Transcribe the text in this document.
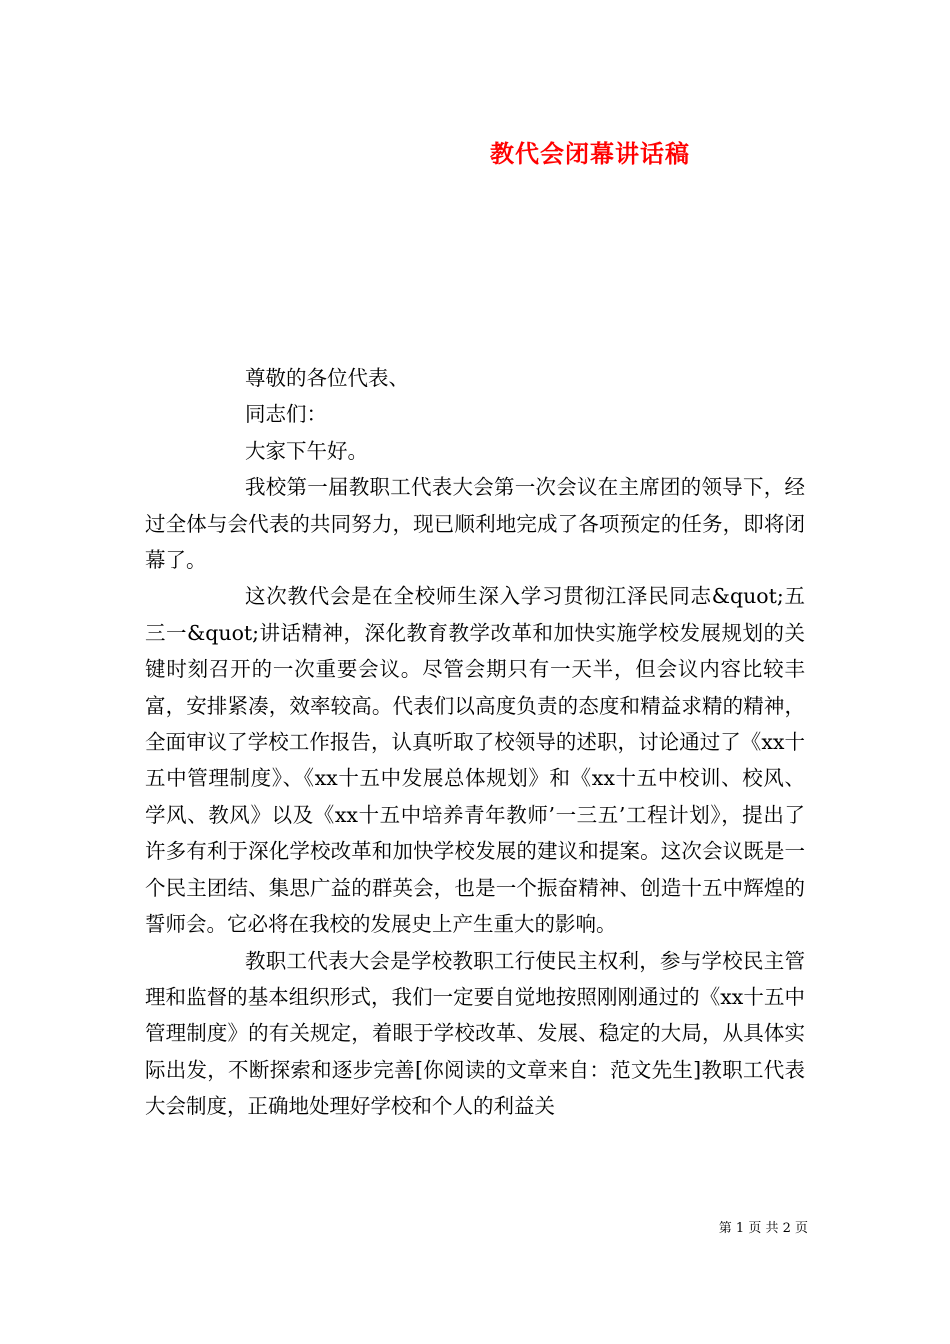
教代会闭幕讲话稿

尊敬的各位代表、

同志们：

大家下午好。

我校第一届教职工代表大会第一次会议在主席团的领导下，经过全体与会代表的共同努力，现已顺利地完成了各项预定的任务，即将闭幕了。

这次教代会是在全校师生深入学习贯彻江泽民同志&quot;五三一&quot;讲话精神，深化教育教学改革和加快实施学校发展规划的关键时刻召开的一次重要会议。尽管会期只有一天半，但会议内容比较丰富，安排紧凑，效率较高。代表们以高度负责的态度和精益求精的精神，全面审议了学校工作报告，认真听取了校领导的述职，讨论通过了《xx十五中管理制度》、《xx十五中发展总体规划》和《xx十五中校训、校风、学风、教风》以及《xx十五中培养青年教师’一三五’工程计划》，提出了许多有利于深化学校改革和加快学校发展的建议和提案。这次会议既是一个民主团结、集思广益的群英会，也是一个振奋精神、创造十五中辉煌的誓师会。它必将在我校的发展史上产生重大的影响。

教职工代表大会是学校教职工行使民主权利，参与学校民主管理和监督的基本组织形式，我们一定要自觉地按照刚刚通过的《xx十五中管理制度》的有关规定，着眼于学校改革、发展、稳定的大局，从具体实际出发，不断探索和逐步完善[你阅读的文章来自：范文先生]教职工代表大会制度，正确地处理好学校和个人的利益关

第 1 页 共 2 页
